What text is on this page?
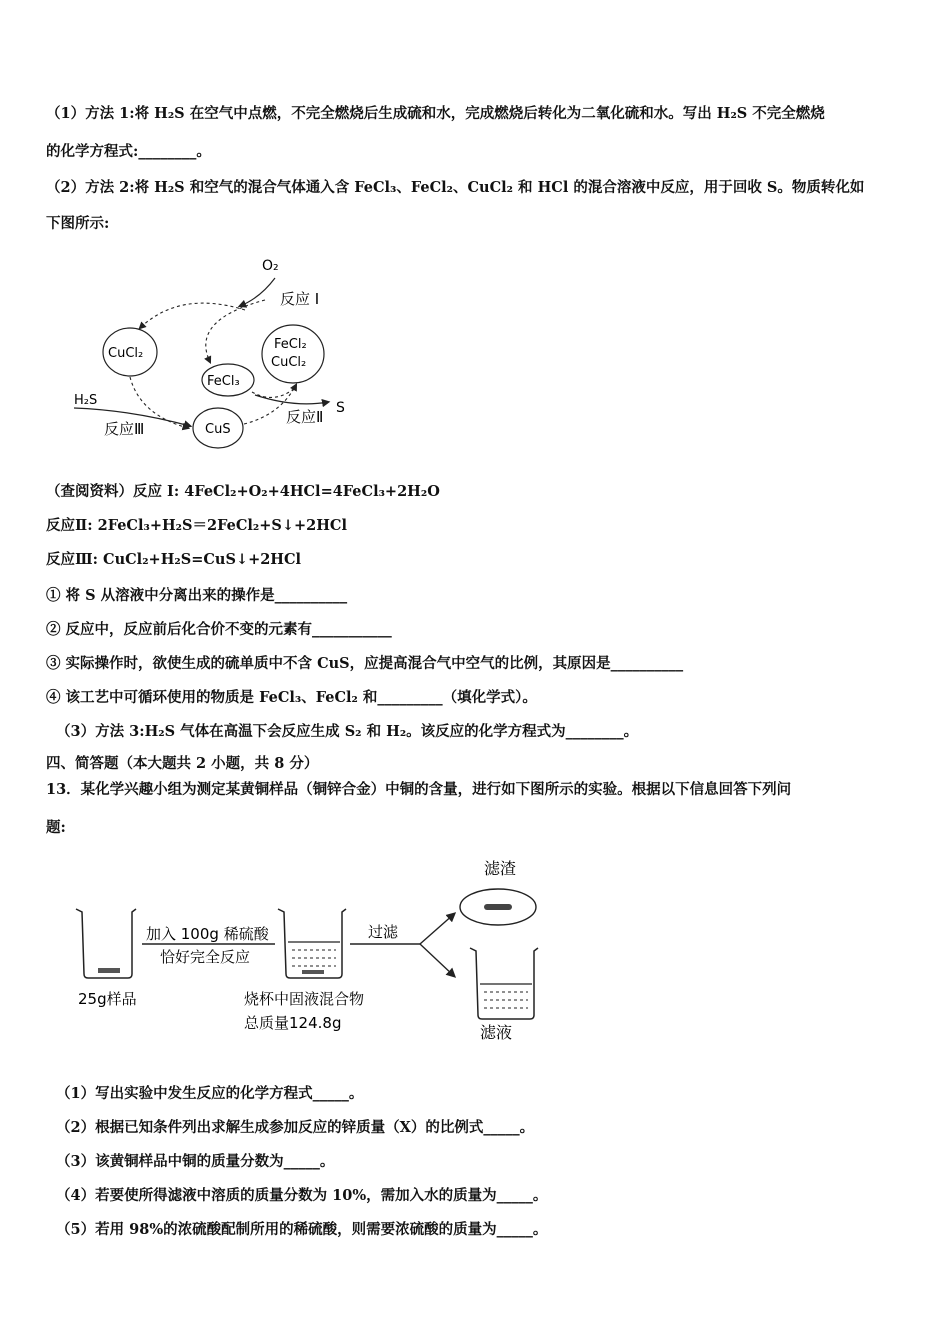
（1）方法 1:将 H₂S 在空气中点燃，不完全燃烧后生成硫和水，完成燃烧后转化为二氧化硫和水。写出 H₂S 不完全燃烧
的化学方程式:________。
（2）方法 2:将 H₂S 和空气的混合气体通入含 FeCl₃、FeCl₂、CuCl₂ 和 HCl 的混合溶液中反应，用于回收 S。物质转化如
下图所示:
O₂
反应 I
CuCl₂
FeCl₂
CuCl₂
FeCl₃
H₂S
反应Ⅲ	CuS
反应Ⅱ S
（查阅资料）反应 I: 4FeCl₂+O₂+4HCl=4FeCl₃+2H₂O
反应Ⅱ: 2FeCl₃+H₂S＝2FeCl₂+S↓+2HCl
反应Ⅲ: CuCl₂+H₂S=CuS↓+2HCl
① 将 S 从溶液中分离出来的操作是__________
② 反应中，反应前后化合价不变的元素有___________
③ 实际操作时，欲使生成的硫单质中不含 CuS，应提高混合气中空气的比例，其原因是__________
④ 该工艺中可循环使用的物质是 FeCl₃、FeCl₂ 和_________（填化学式）。
（3）方法 3:H₂S 气体在高温下会反应生成 S₂ 和 H₂。该反应的化学方程式为________。
四、简答题（本大题共 2 小题，共 8 分）
13．某化学兴趣小组为测定某黄铜样品（铜锌合金）中铜的含量，进行如下图所示的实验。根据以下信息回答下列问
题:
加入 100g 稀硫酸
恰好完全反应
过滤
滤渣
25g样品	烧杯中固液混合物
总质量124.8g	滤液
（1）写出实验中发生反应的化学方程式_____。
（2）根据已知条件列出求解生成参加反应的锌质量（X）的比例式_____。
（3）该黄铜样品中铜的质量分数为_____。
（4）若要使所得滤液中溶质的质量分数为 10%，需加入水的质量为_____。
（5）若用 98%的浓硫酸配制所用的稀硫酸，则需要浓硫酸的质量为_____。
